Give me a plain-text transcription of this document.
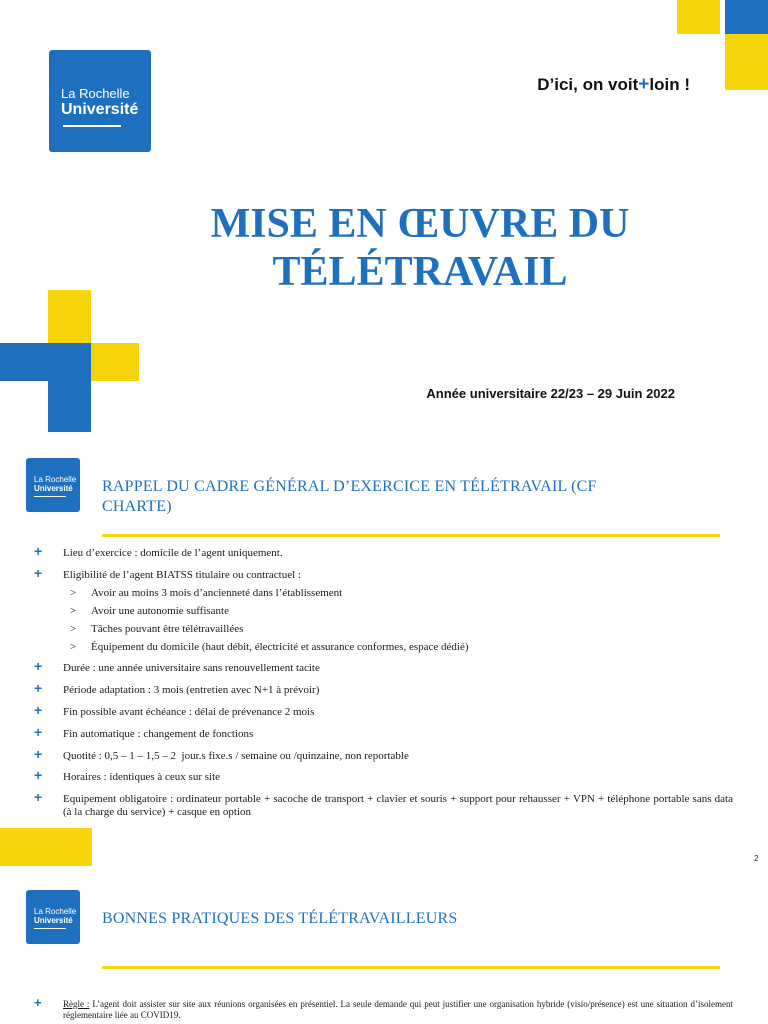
La Rochelle
Université
D’ici, on voit+loin !
MISE EN ŒUVRE DU
TÉLÉTRAVAIL
Année universitaire 22/23 – 29 Juin 2022
La Rochelle
Université RAPPEL DU CADRE GÉNÉRAL D’EXERCICE EN TÉLÉTRAVAIL (CF
CHARTE)
+ Lieu d’exercice : domicile de l’agent uniquement.
+ Eligibilité de l’agent BIATSS titulaire ou contractuel :
> Avoir au moins 3 mois d’ancienneté dans l’établissement
> Avoir une autonomie suffisante
> Tâches pouvant être télétravaillées
> Équipement du domicile (haut débit, électricité et assurance conformes, espace dédié)
+ Durée : une année universitaire sans renouvellement tacite
+ Période adaptation : 3 mois (entretien avec N+1 à prévoir)
+ Fin possible avant échéance : délai de prévenance 2 mois
+ Fin automatique : changement de fonctions
+ Quotité : 0,5 – 1 – 1,5 – 2  jour.s fixe.s / semaine ou /quinzaine, non reportable
+ Horaires : identiques à ceux sur site
+ Equipement obligatoire : ordinateur portable + sacoche de transport + clavier et souris + support pour rehausser + VPN + téléphone portable sans data (à la charge du service) + casque en option
2
La Rochelle
Université BONNES PRATIQUES DES TÉLÉTRAVAILLEURS
+ Règle : L’agent doit assister sur site aux réunions organisées en présentiel. La seule demande qui peut justifier une organisation hybride (visio/présence) est une situation d’isolement réglementaire liée au COVID19.
